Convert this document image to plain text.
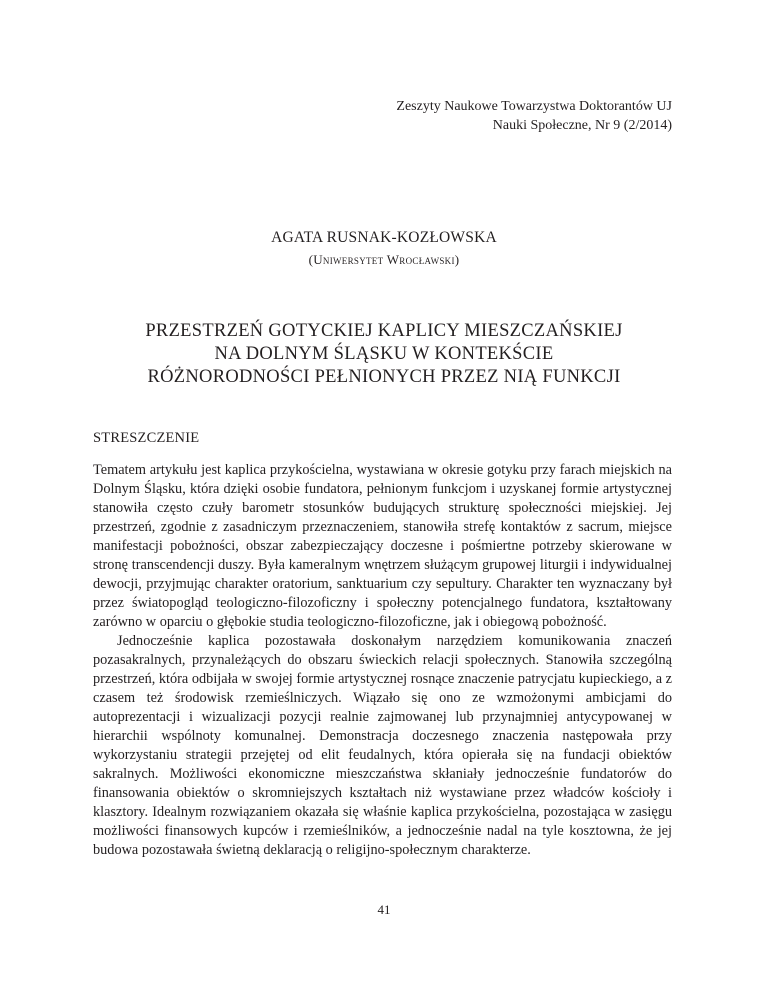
Zeszyty Naukowe Towarzystwa Doktorantów UJ
Nauki Społeczne, Nr 9 (2/2014)
AGATA RUSNAK-KOZŁOWSKA
(Uniwersytet Wrocławski)
PRZESTRZEŃ GOTYCKIEJ KAPLICY MIESZCZAŃSKIEJ
NA DOLNYM ŚLĄSKU W KONTEKŚCIE
RÓŻNORODNOŚCI PEŁNIONYCH PRZEZ NIĄ FUNKCJI
STRESZCZENIE

Tematem artykułu jest kaplica przykościelna, wystawiana w okresie gotyku przy farach miejskich na Dolnym Śląsku, która dzięki osobie fundatora, pełnionym funkcjom i uzyskanej formie artystycznej stanowiła często czuły barometr stosunków budujących strukturę społeczności miejskiej. Jej przestrzeń, zgodnie z zasadniczym przeznaczeniem, stanowiła strefę kontaktów z sacrum, miejsce manifestacji pobożności, obszar zabezpieczający doczesne i pośmiertne potrzeby skierowane w stronę transcendencji duszy. Była kameralnym wnętrzem służącym grupowej liturgii i indywidualnej dewocji, przyjmując charakter oratorium, sanktuarium czy sepultury. Charakter ten wyznaczany był przez światopogląd teologiczno-filozoficzny i społeczny potencjalnego fundatora, kształtowany zarówno w oparciu o głębokie studia teologiczno-filozoficzne, jak i obiegową pobożność.

Jednocześnie kaplica pozostawała doskonałym narzędziem komunikowania znaczeń pozasakralnych, przynależących do obszaru świeckich relacji społecznych. Stanowiła szczególną przestrzeń, która odbijała w swojej formie artystycznej rosnące znaczenie patrycjatu kupieckiego, a z czasem też środowisk rzemieślniczych. Wiązało się ono ze wzmożonymi ambicjami do autoprezentacji i wizualizacji pozycji realnie zajmowanej lub przynajmniej antycypowanej w hierarchii wspólnoty komunalnej. Demonstracja doczesnego znaczenia następowała przy wykorzystaniu strategii przejętej od elit feudalnych, która opierała się na fundacji obiektów sakralnych. Możliwości ekonomiczne mieszczaństwa skłaniały jednocześnie fundatorów do finansowania obiektów o skromniejszych kształtach niż wystawiane przez władców kościoły i klasztory. Idealnym rozwiązaniem okazała się właśnie kaplica przykościelna, pozostająca w zasięgu możliwości finansowych kupców i rzemieślników, a jednocześnie nadal na tyle kosztowna, że jej budowa pozostawała świetną deklaracją o religijno-społecznym charakterze.

41
